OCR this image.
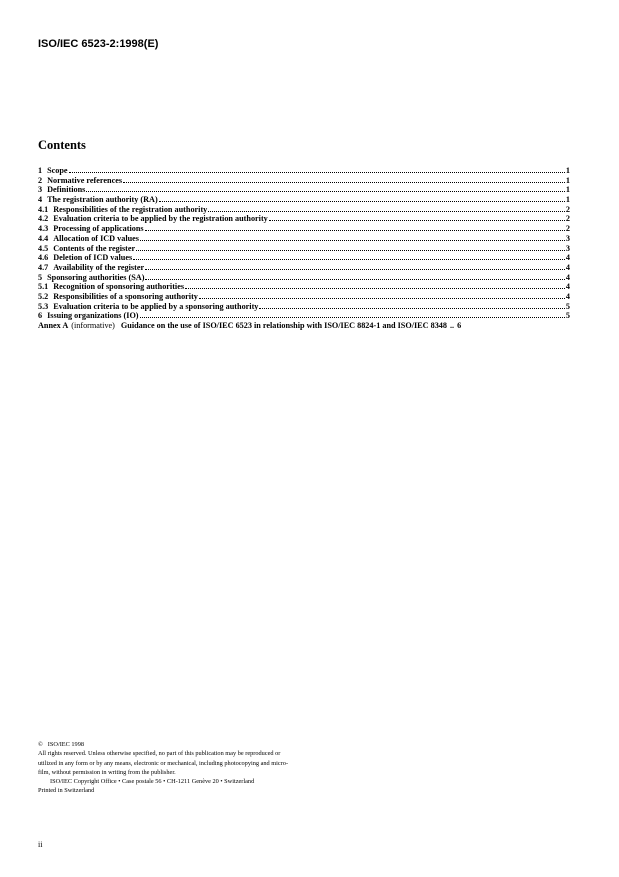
ISO/IEC 6523-2:1998(E)
Contents
1 Scope	1
2 Normative references	1
3 Definitions	1
4 The registration authority (RA)	1
4.1 Responsibilities of the registration authority	2
4.2 Evaluation criteria to be applied by the registration authority	2
4.3 Processing of applications	2
4.4 Allocation of ICD values	3
4.5 Contents of the register	3
4.6 Deletion of ICD values	4
4.7 Availability of the register	4
5 Sponsoring authorities (SA)	4
5.1 Recognition of sponsoring authorities	4
5.2 Responsibilities of a sponsoring authority	4
5.3 Evaluation criteria to be applied by a sponsoring authority	5
6 Issuing organizations (IO)	5
Annex A (informative) Guidance on the use of ISO/IEC 6523 in relationship with ISO/IEC 8824-1 and ISO/IEC 8348 .. 6

© ISO/IEC 1998

All rights reserved. Unless otherwise specified, no part of this publication may be reproduced or

utilized in any form or by any means, electronic or mechanical, including photocopying and micro-

film, without permission in writing from the publisher.

ISO/IEC Copyright Office • Case postale 56 • CH-1211 Genève 20 • Switzerland

Printed in Switzerland

ii
